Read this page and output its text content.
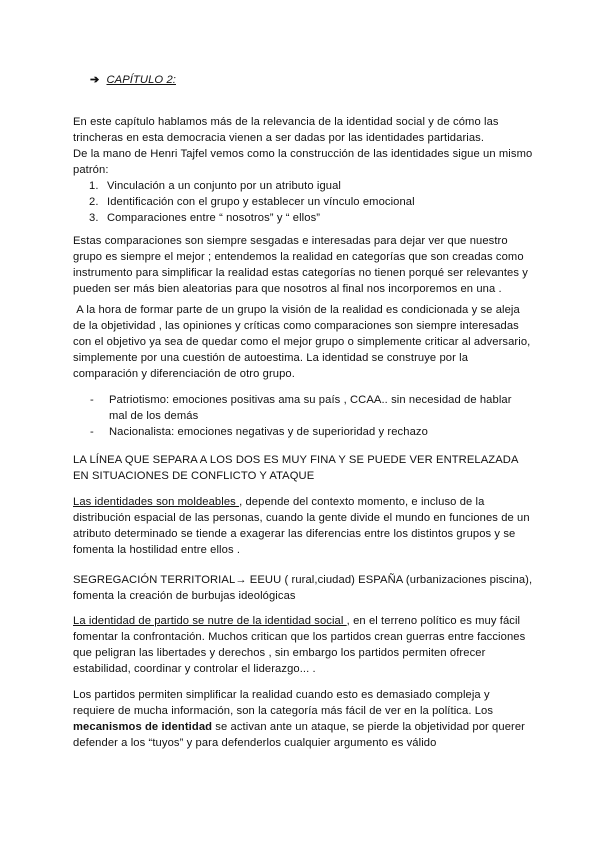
➔ CAPÍTULO 2:

En este capítulo hablamos más de la relevancia de la identidad social y de cómo las trincheras en esta democracia vienen a ser dadas por las identidades partidarias.

De la mano de Henri Tajfel vemos como la construcción de las identidades sigue un mismo patrón:

1. Vinculación a un conjunto por un atributo igual
2. Identificación con el grupo y establecer un vínculo emocional
3. Comparaciones entre “ nosotros” y “ ellos”

Estas comparaciones son siempre sesgadas e interesadas para dejar ver que nuestro grupo es siempre el mejor ; entendemos la realidad en categorías que son creadas como instrumento para simplificar la realidad estas categorías no tienen porqué ser relevantes y pueden ser más bien aleatorias para que nosotros al final nos incorporemos en una .

A la hora de formar parte de un grupo la visión de la realidad es condicionada y se aleja de la objetividad , las opiniones y críticas como comparaciones son siempre interesadas con el objetivo ya sea de quedar como el mejor grupo o simplemente criticar al adversario, simplemente por una cuestión de autoestima. La identidad se construye por la comparación y diferenciación de otro grupo.

- Patriotismo: emociones positivas ama su país , CCAA.. sin necesidad de hablar mal de los demás
- Nacionalista: emociones negativas y de superioridad y rechazo

LA LÍNEA QUE SEPARA A LOS DOS ES MUY FINA Y SE PUEDE VER ENTRELAZADA EN SITUACIONES DE CONFLICTO Y ATAQUE

Las identidades son moldeables , depende del contexto momento, e incluso de la distribución espacial de las personas, cuando la gente divide el mundo en funciones de un atributo determinado se tiende a exagerar las diferencias entre los distintos grupos y se fomenta la hostilidad entre ellos .

SEGREGACIÓN TERRITORIAL→ EEUU ( rural,ciudad) ESPAÑA (urbanizaciones piscina), fomenta la creación de burbujas ideológicas

La identidad de partido se nutre de la identidad social , en el terreno político es muy fácil fomentar la confrontación. Muchos critican que los partidos crean guerras entre facciones que peligran las libertades y derechos , sin embargo los partidos permiten ofrecer estabilidad, coordinar y controlar el liderazgo... .

Los partidos permiten simplificar la realidad cuando esto es demasiado compleja y requiere de mucha información, son la categoría más fácil de ver en la política. Los mecanismos de identidad se activan ante un ataque, se pierde la objetividad por querer defender a los “tuyos” y para defenderlos cualquier argumento es válido
